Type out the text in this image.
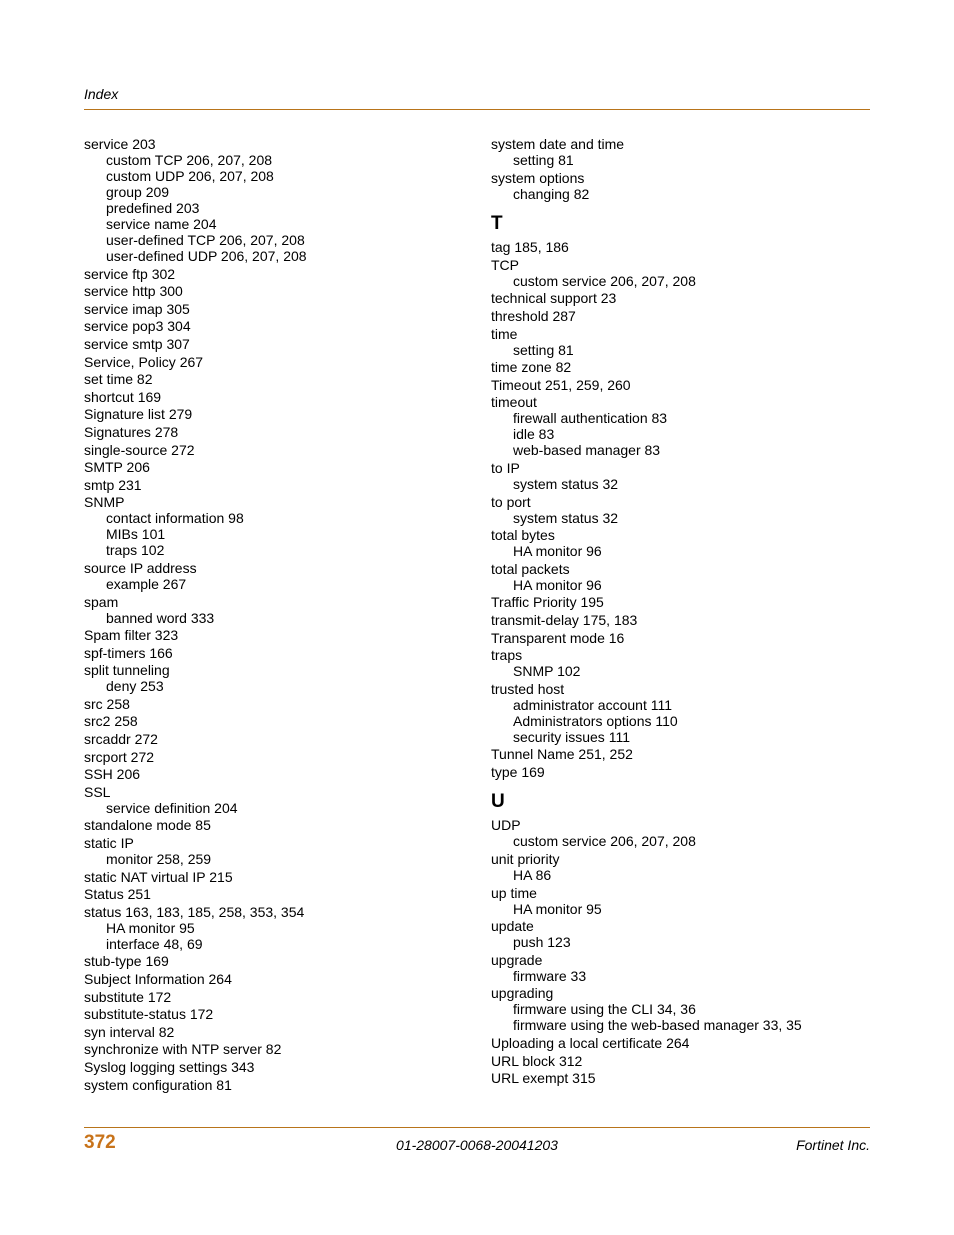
Index
service 203
custom TCP 206, 207, 208
custom UDP 206, 207, 208
group 209
predefined 203
service name 204
user-defined TCP 206, 207, 208
user-defined UDP 206, 207, 208
service ftp 302
service http 300
service imap 305
service pop3 304
service smtp 307
Service, Policy 267
set time 82
shortcut 169
Signature list 279
Signatures 278
single-source 272
SMTP 206
smtp 231
SNMP
contact information 98
MIBs 101
traps 102
source IP address
example 267
spam
banned word 333
Spam filter 323
spf-timers 166
split tunneling
deny 253
src 258
src2 258
srcaddr 272
srcport 272
SSH 206
SSL
service definition 204
standalone mode 85
static IP
monitor 258, 259
static NAT virtual IP 215
Status 251
status 163, 183, 185, 258, 353, 354
HA monitor 95
interface 48, 69
stub-type 169
Subject Information 264
substitute 172
substitute-status 172
syn interval 82
synchronize with NTP server 82
Syslog logging settings 343
system configuration 81
system date and time
setting 81
system options
changing 82
T
tag 185, 186
TCP
custom service 206, 207, 208
technical support 23
threshold 287
time
setting 81
time zone 82
Timeout 251, 259, 260
timeout
firewall authentication 83
idle 83
web-based manager 83
to IP
system status 32
to port
system status 32
total bytes
HA monitor 96
total packets
HA monitor 96
Traffic Priority 195
transmit-delay 175, 183
Transparent mode 16
traps
SNMP 102
trusted host
administrator account 111
Administrators options 110
security issues 111
Tunnel Name 251, 252
type 169
U
UDP
custom service 206, 207, 208
unit priority
HA 86
up time
HA monitor 95
update
push 123
upgrade
firmware 33
upgrading
firmware using the CLI 34, 36
firmware using the web-based manager 33, 35
Uploading a local certificate 264
URL block 312
URL exempt 315
372	01-28007-0068-20041203	Fortinet Inc.
